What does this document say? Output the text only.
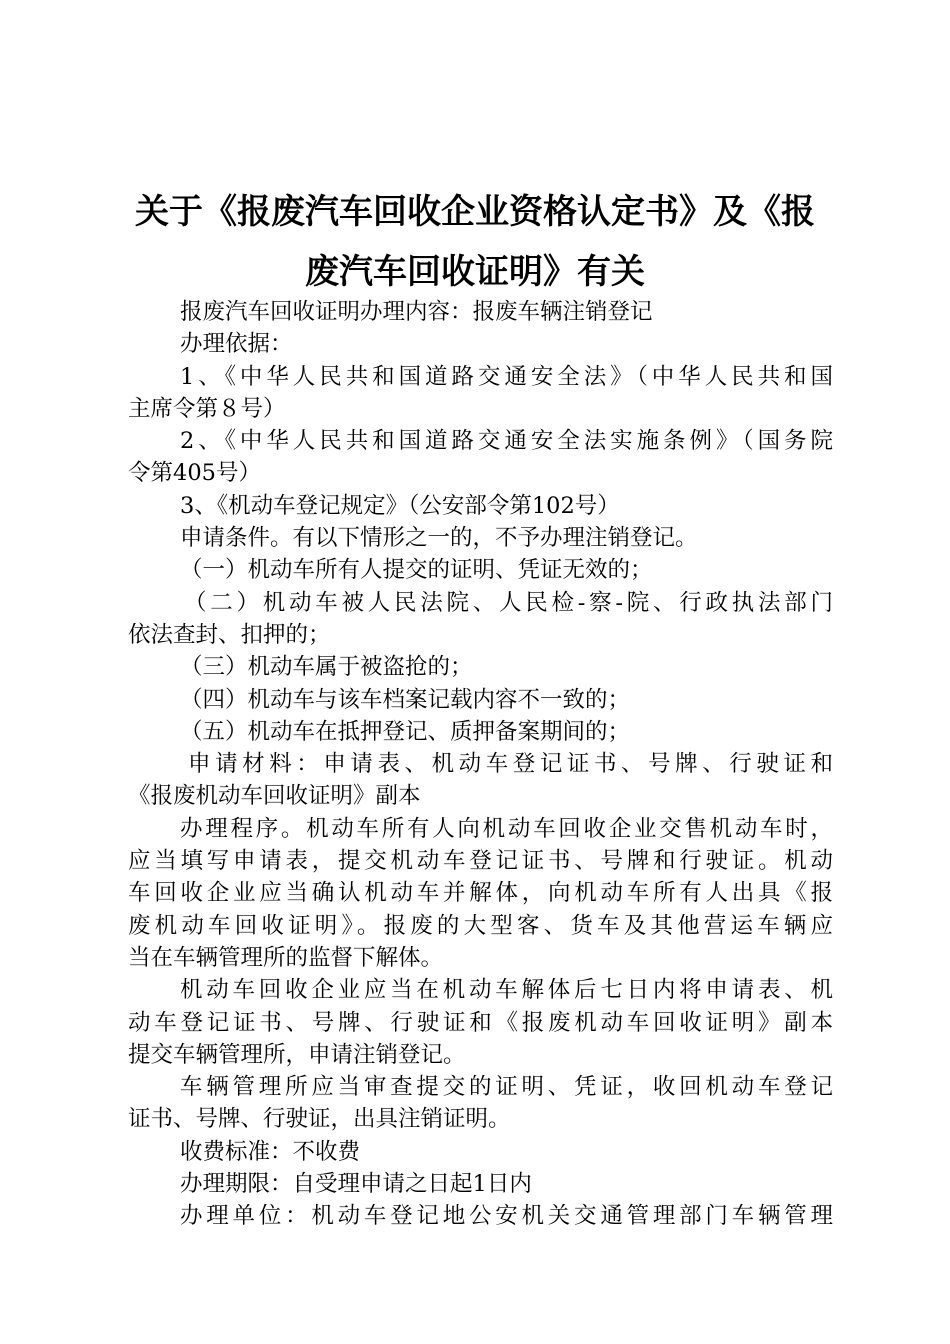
关于《报废汽车回收企业资格认定书》及《报
废汽车回收证明》有关
报废汽车回收证明办理内容：报废车辆注销登记
办理依据：
1、《中华人民共和国道路交通安全法》（中华人民共和国
主席令第８号）
2、《中华人民共和国道路交通安全法实施条例》（国务院
令第405号）
3、《机动车登记规定》（公安部令第102号）
申请条件。有以下情形之一的，不予办理注销登记。
（一）机动车所有人提交的证明、凭证无效的；
（二）机动车被人民法院、人民检-察-院、行政执法部门
依法查封、扣押的；
（三）机动车属于被盗抢的；
（四）机动车与该车档案记载内容不一致的；
（五）机动车在抵押登记、质押备案期间的；
申请材料：申请表、机动车登记证书、号牌、行驶证和
《报废机动车回收证明》副本
办理程序。机动车所有人向机动车回收企业交售机动车时，
应当填写申请表，提交机动车登记证书、号牌和行驶证。机动
车回收企业应当确认机动车并解体，向机动车所有人出具《报
废机动车回收证明》。报废的大型客、货车及其他营运车辆应
当在车辆管理所的监督下解体。
机动车回收企业应当在机动车解体后七日内将申请表、机
动车登记证书、号牌、行驶证和《报废机动车回收证明》副本
提交车辆管理所，申请注销登记。
车辆管理所应当审查提交的证明、凭证，收回机动车登记
证书、号牌、行驶证，出具注销证明。
收费标准：不收费
办理期限：自受理申请之日起1日内
办理单位：机动车登记地公安机关交通管理部门车辆管理
